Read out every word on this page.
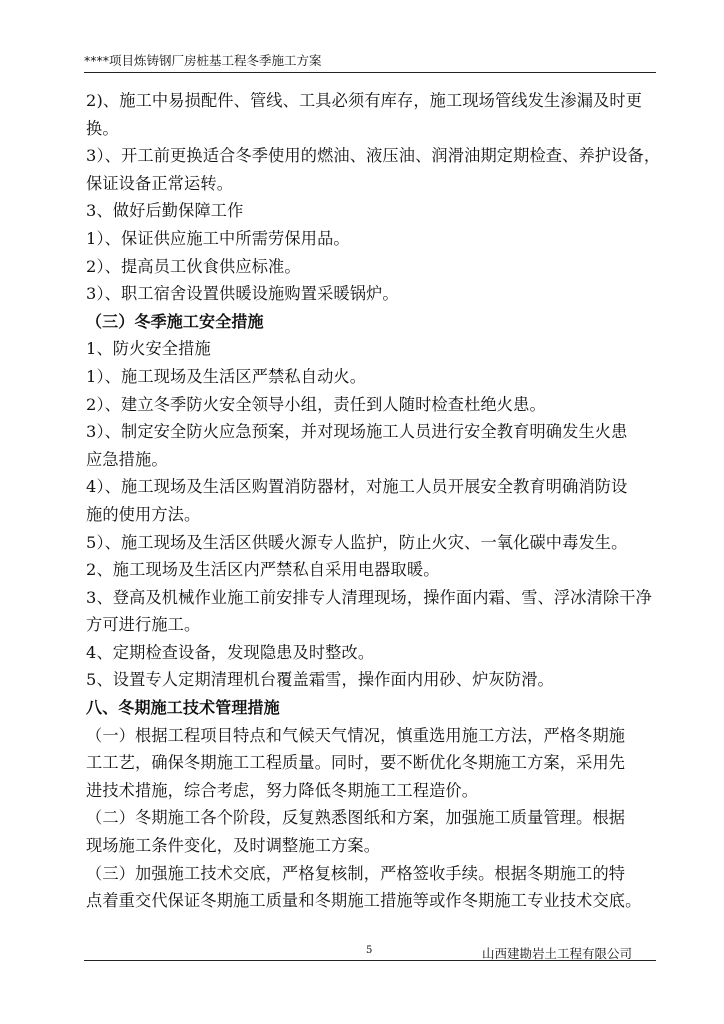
****项目炼铸钢厂房桩基工程冬季施工方案
2)、施工中易损配件、管线、工具必须有库存，施工现场管线发生渗漏及时更
换。
3）、开工前更换适合冬季使用的燃油、液压油、润滑油期定期检查、养护设备，
保证设备正常运转。
3、做好后勤保障工作
1）、保证供应施工中所需劳保用品。
2）、提高员工伙食供应标准。
3）、职工宿舍设置供暖设施购置采暖锅炉。
（三）冬季施工安全措施
1、防火安全措施
1）、施工现场及生活区严禁私自动火。
2）、建立冬季防火安全领导小组，责任到人随时检查杜绝火患。
3）、制定安全防火应急预案，并对现场施工人员进行安全教育明确发生火患
应急措施。
4）、施工现场及生活区购置消防器材，对施工人员开展安全教育明确消防设
施的使用方法。
5）、施工现场及生活区供暖火源专人监护，防止火灾、一氧化碳中毒发生。
2、施工现场及生活区内严禁私自采用电器取暖。
3、登高及机械作业施工前安排专人清理现场，操作面内霜、雪、浮冰清除干净
方可进行施工。
4、定期检查设备，发现隐患及时整改。
5、设置专人定期清理机台覆盖霜雪，操作面内用砂、炉灰防滑。
八、冬期施工技术管理措施
（一）根据工程项目特点和气候天气情况，慎重选用施工方法，严格冬期施
工工艺，确保冬期施工工程质量。同时，要不断优化冬期施工方案，采用先
进技术措施，综合考虑，努力降低冬期施工工程造价。
（二）冬期施工各个阶段，反复熟悉图纸和方案，加强施工质量管理。根据
现场施工条件变化，及时调整施工方案。
（三）加强施工技术交底，严格复核制，严格签收手续。根据冬期施工的特
点着重交代保证冬期施工质量和冬期施工措施等或作冬期施工专业技术交底。
5	山西建勘岩土工程有限公司
